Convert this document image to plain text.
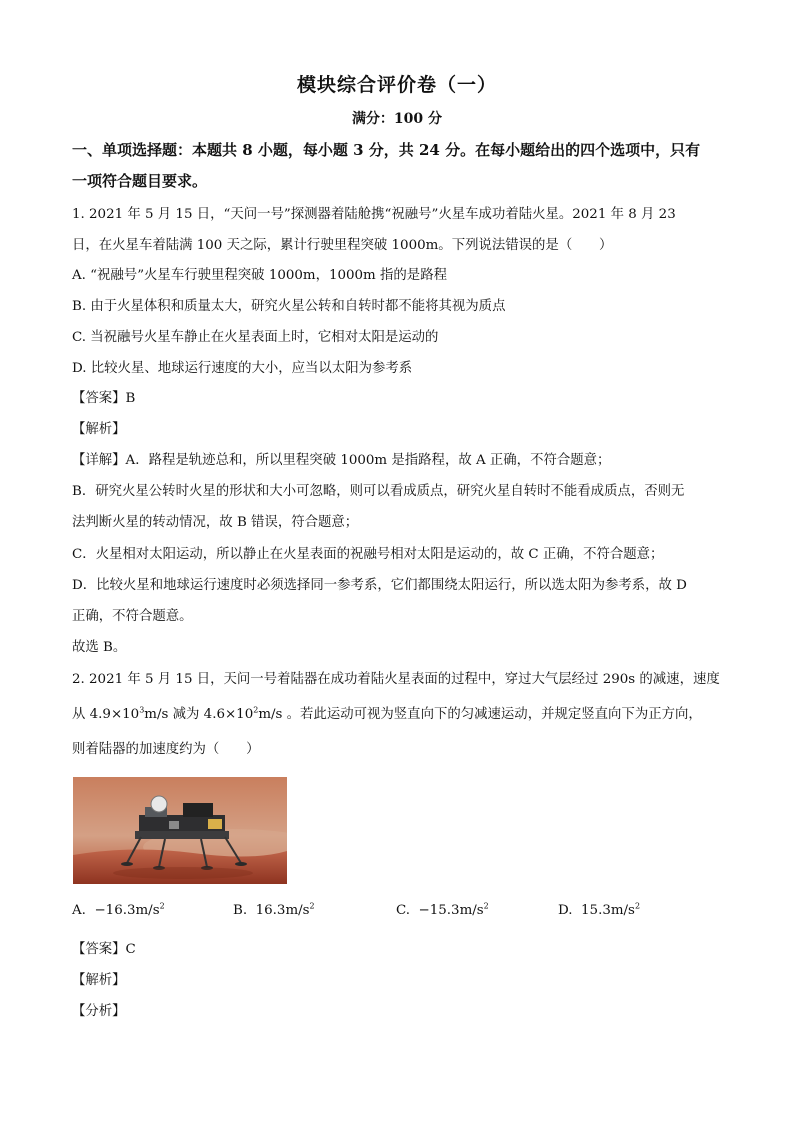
模块综合评价卷（一）
满分：100 分
一、单项选择题：本题共 8 小题，每小题 3 分，共 24 分。在每小题给出的四个选项中，只有
一项符合题目要求。
1. 2021 年 5 月 15 日，“天问一号”探测器着陆舱携“祝融号”火星车成功着陆火星。2021 年 8 月 23
日，在火星车着陆满 100 天之际，累计行驶里程突破 1000m。下列说法错误的是（　　）
A. “祝融号”火星车行驶里程突破 1000m，1000m 指的是路程
B. 由于火星体积和质量太大，研究火星公转和自转时都不能将其视为质点
C. 当祝融号火星车静止在火星表面上时，它相对太阳是运动的
D. 比较火星、地球运行速度的大小，应当以太阳为参考系
【答案】B
【解析】
【详解】A．路程是轨迹总和，所以里程突破 1000m 是指路程，故 A 正确，不符合题意；
B．研究火星公转时火星的形状和大小可忽略，则可以看成质点，研究火星自转时不能看成质点，否则无
法判断火星的转动情况，故 B 错误，符合题意；
C．火星相对太阳运动，所以静止在火星表面的祝融号相对太阳是运动的，故 C 正确，不符合题意；
D．比较火星和地球运行速度时必须选择同一参考系，它们都围绕太阳运行，所以选太阳为参考系，故 D
正确，不符合题意。
故选 B。
2. 2021 年 5 月 15 日，天问一号着陆器在成功着陆火星表面的过程中，穿过大气层经过 290s 的减速，速度
从 $4.9\times 10^3m/s$ 减为 $4.6\times 10^2m/s$ 。若此运动可视为竖直向下的匀减速运动，并规定竖直向下为正方向，
则着陆器的加速度约为（　　）
A. $-16.3m/s^2$	B. $16.3m/s^2$	C. $-15.3m/s^2$	D. $15.3m/s^2$
【答案】C
【解析】
【分析】
